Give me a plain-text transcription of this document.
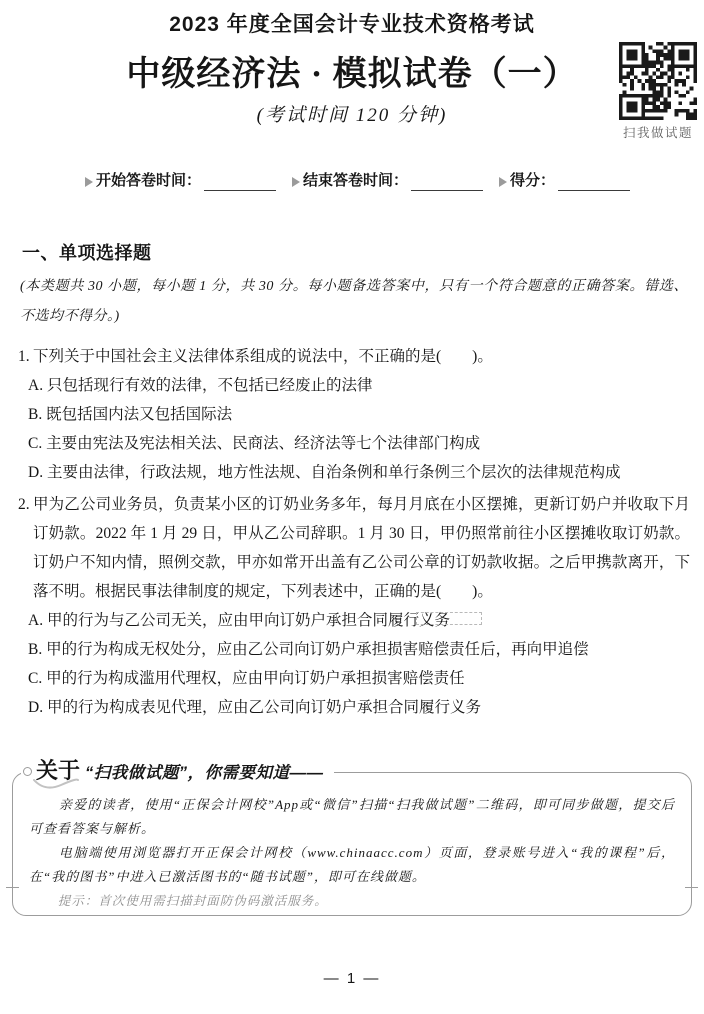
2023 年度全国会计专业技术资格考试
中级经济法 · 模拟试卷（一）
(考试时间 120 分钟)
扫我做试题
开始答卷时间：	结束答卷时间：	得分：
一、单项选择题
(本类题共 30 小题，每小题 1 分，共 30 分。每小题备选答案中，只有一个符合题意的正确答案。错选、不选均不得分。)
1. 下列关于中国社会主义法律体系组成的说法中，不正确的是(　　)。
A. 只包括现行有效的法律，不包括已经废止的法律
B. 既包括国内法又包括国际法
C. 主要由宪法及宪法相关法、民商法、经济法等七个法律部门构成
D. 主要由法律，行政法规，地方性法规、自治条例和单行条例三个层次的法律规范构成
2. 甲为乙公司业务员，负责某小区的订奶业务多年，每月月底在小区摆摊，更新订奶户并收取下月订奶款。2022 年 1 月 29 日，甲从乙公司辞职。1 月 30 日，甲仍照常前往小区摆摊收取订奶款。订奶户不知内情，照例交款，甲亦如常开出盖有乙公司公章的订奶款收据。之后甲携款离开，下落不明。根据民事法律制度的规定，下列表述中，正确的是(　　)。
A. 甲的行为与乙公司无关，应由甲向订奶户承担合同履行义务
B. 甲的行为构成无权处分，应由乙公司向订奶户承担损害赔偿责任后，再向甲追偿
C. 甲的行为构成滥用代理权，应由甲向订奶户承担损害赔偿责任
D. 甲的行为构成表见代理，应由乙公司向订奶户承担合同履行义务
关于 “扫我做试题”，你需要知道——
亲爱的读者，使用“正保会计网校”App或“微信”扫描“扫我做试题”二维码，即可同步做题，提交后可查看答案与解析。
电脑端使用浏览器打开正保会计网校（www.chinaacc.com）页面，登录账号进入“我的课程”后，在“我的图书”中进入已激活图书的“随书试题”，即可在线做题。
提示：首次使用需扫描封面防伪码激活服务。
— 1 —
